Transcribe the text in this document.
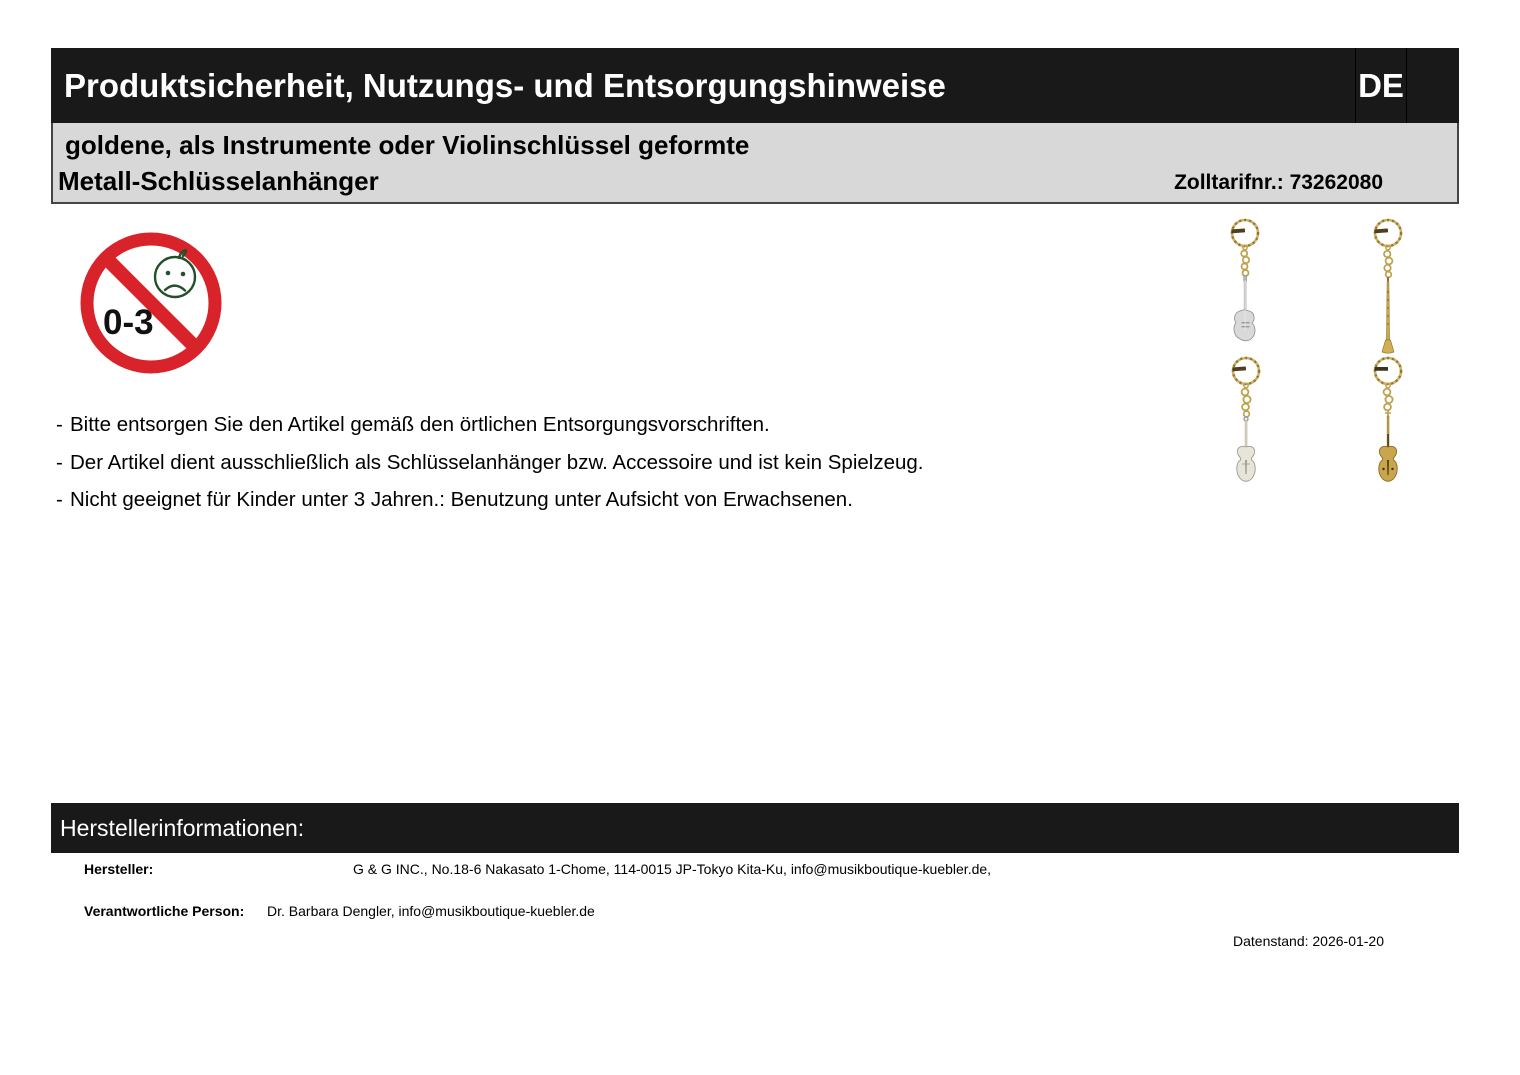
Produktsicherheit, Nutzungs- und Entsorgungshinweise	DE
goldene, als Instrumente oder Violinschlüssel geformte
Metall-Schlüsselanhänger	Zolltarifnr.: 73262080
0-3
- Bitte entsorgen Sie den Artikel gemäß den örtlichen Entsorgungsvorschriften.
- Der Artikel dient ausschließlich als Schlüsselanhänger bzw. Accessoire und ist kein Spielzeug.
- Nicht geeignet für Kinder unter 3 Jahren.: Benutzung unter Aufsicht von Erwachsenen.
Herstellerinformationen:
Hersteller:	G & G INC., No.18-6 Nakasato 1-Chome, 114-0015 JP-Tokyo Kita-Ku, info@musikboutique-kuebler.de,
Verantwortliche Person: Dr. Barbara Dengler, info@musikboutique-kuebler.de
Datenstand: 2026-01-20
